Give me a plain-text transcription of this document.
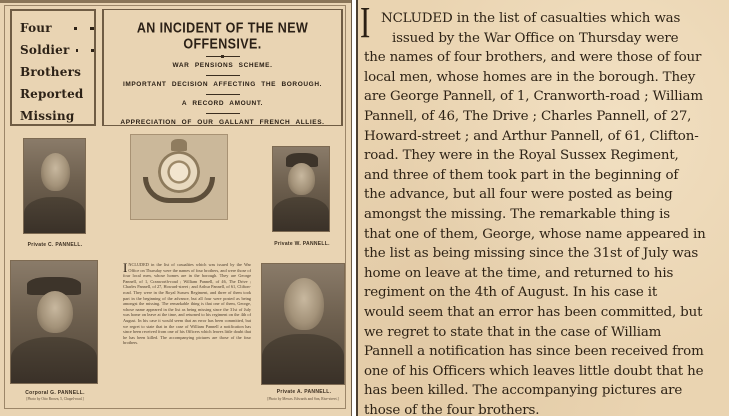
Four
Soldier
Brothers
Reported
Missing
AN INCIDENT OF THE NEW OFFENSIVE.
WAR PENSIONS SCHEME.
IMPORTANT DECISION AFFECTING THE BOROUGH.
A RECORD AMOUNT.
APPRECIATION OF OUR GALLANT FRENCH ALLIES.
Private C. PANNELL.	Private W. PANNELL.
Corporal G. PANNELL.
[Photo by Otto Brown, 5, Chapel-road.]
INCLUDED in the list of casualties which was issued by the War Office on Thursday were the names of four brothers, and were those of four local men, whose homes are in the borough. They are George Pannell, of 1, Cranworth-road ; William Pannell, of 46, The Drive ; Charles Pannell, of 27, Howard-street ; and Arthur Pannell, of 61, Clifton-road. They were in the Royal Sussex Regiment, and three of them took part in the beginning of the advance, but all four were posted as being amongst the missing. The remarkable thing is that one of them, George, whose name appeared in the list as being missing since the 31st of July was home on leave at the time, and returned to his regiment on the 4th of August. In his case it would seem that an error has been committed, but we regret to state that in the case of William Pannell a notification has since been received from one of his Officers which leaves little doubt that he has been killed. The accompanying pictures are those of the four brothers.
Private A. PANNELL.
[Photo by Messrs. Edwards and Son, Rise-street.]
I NCLUDED in the list of casualties which was
issued by the War Office on Thursday were
the names of four brothers, and were those of four
local men, whose homes are in the borough. They
are George Pannell, of 1, Cranworth-road ; William
Pannell, of 46, The Drive ; Charles Pannell, of 27,
Howard-street ; and Arthur Pannell, of 61, Clifton-
road. They were in the Royal Sussex Regiment,
and three of them took part in the beginning of
the advance, but all four were posted as being
amongst the missing. The remarkable thing is
that one of them, George, whose name appeared in
the list as being missing since the 31st of July was
home on leave at the time, and returned to his
regiment on the 4th of August. In his case it
would seem that an error has been committed, but
we regret to state that in the case of William
Pannell a notification has since been received from
one of his Officers which leaves little doubt that he
has been killed. The accompanying pictures are
those of the four brothers.
